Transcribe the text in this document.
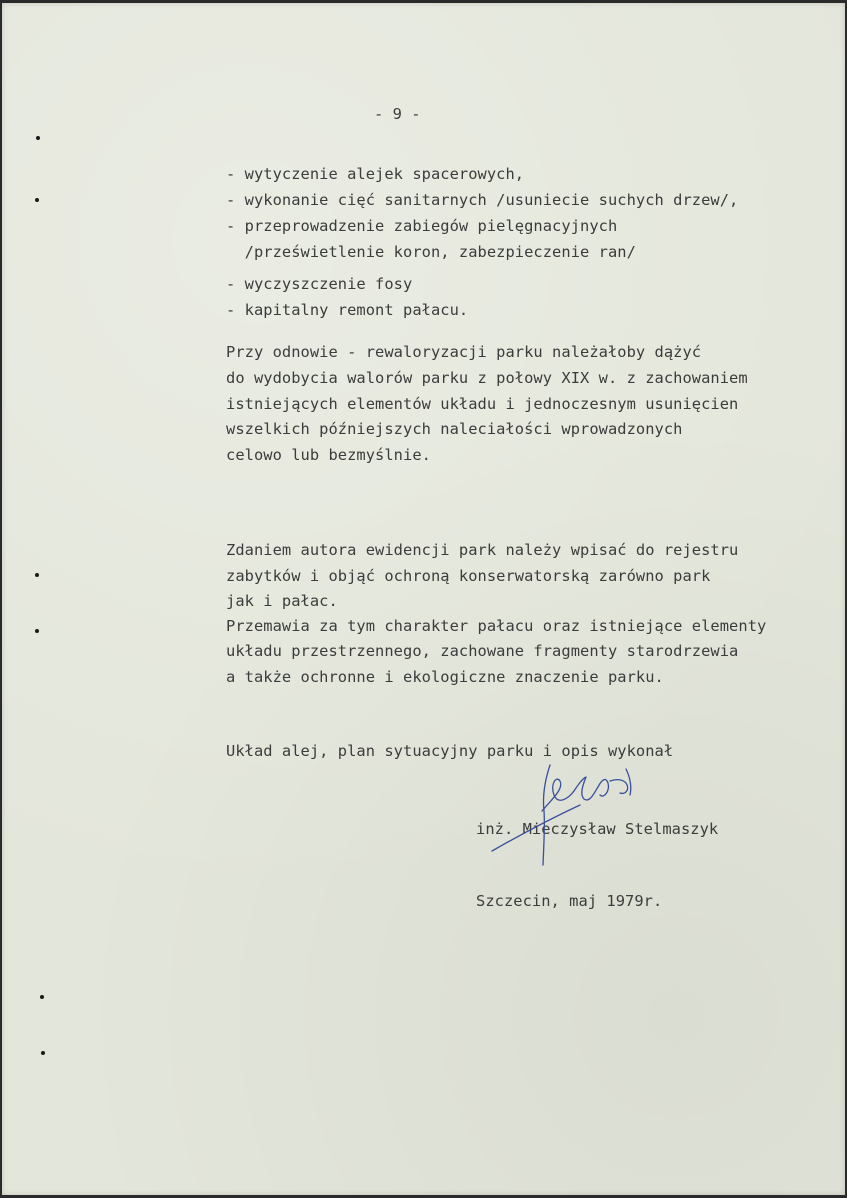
- 9 -
- wytyczenie alejek spacerowych,
- wykonanie cięć sanitarnych /usuniecie suchych drzew/,
- przeprowadzenie zabiegów pielęgnacyjnych
/prześwietlenie koron, zabezpieczenie ran/
- wyczyszczenie fosy
- kapitalny remont pałacu.
Przy odnowie - rewaloryzacji parku należałoby dążyć
do wydobycia walorów parku z połowy XIX w. z zachowaniem
istniejących elementów układu i jednoczesnym usunięcien
wszelkich późniejszych naleciałości wprowadzonych
celowo lub bezmyślnie.
Zdaniem autora ewidencji park należy wpisać do rejestru
zabytków i objąć ochroną konserwatorską zarówno park
jak i pałac.
Przemawia za tym charakter pałacu oraz istniejące elementy
układu przestrzennego, zachowane fragmenty starodrzewia
a także ochronne i ekologiczne znaczenie parku.
Układ alej, plan sytuacyjny parku i opis wykonał
inż. Mieczysław Stelmaszyk
Szczecin, maj 1979r.
